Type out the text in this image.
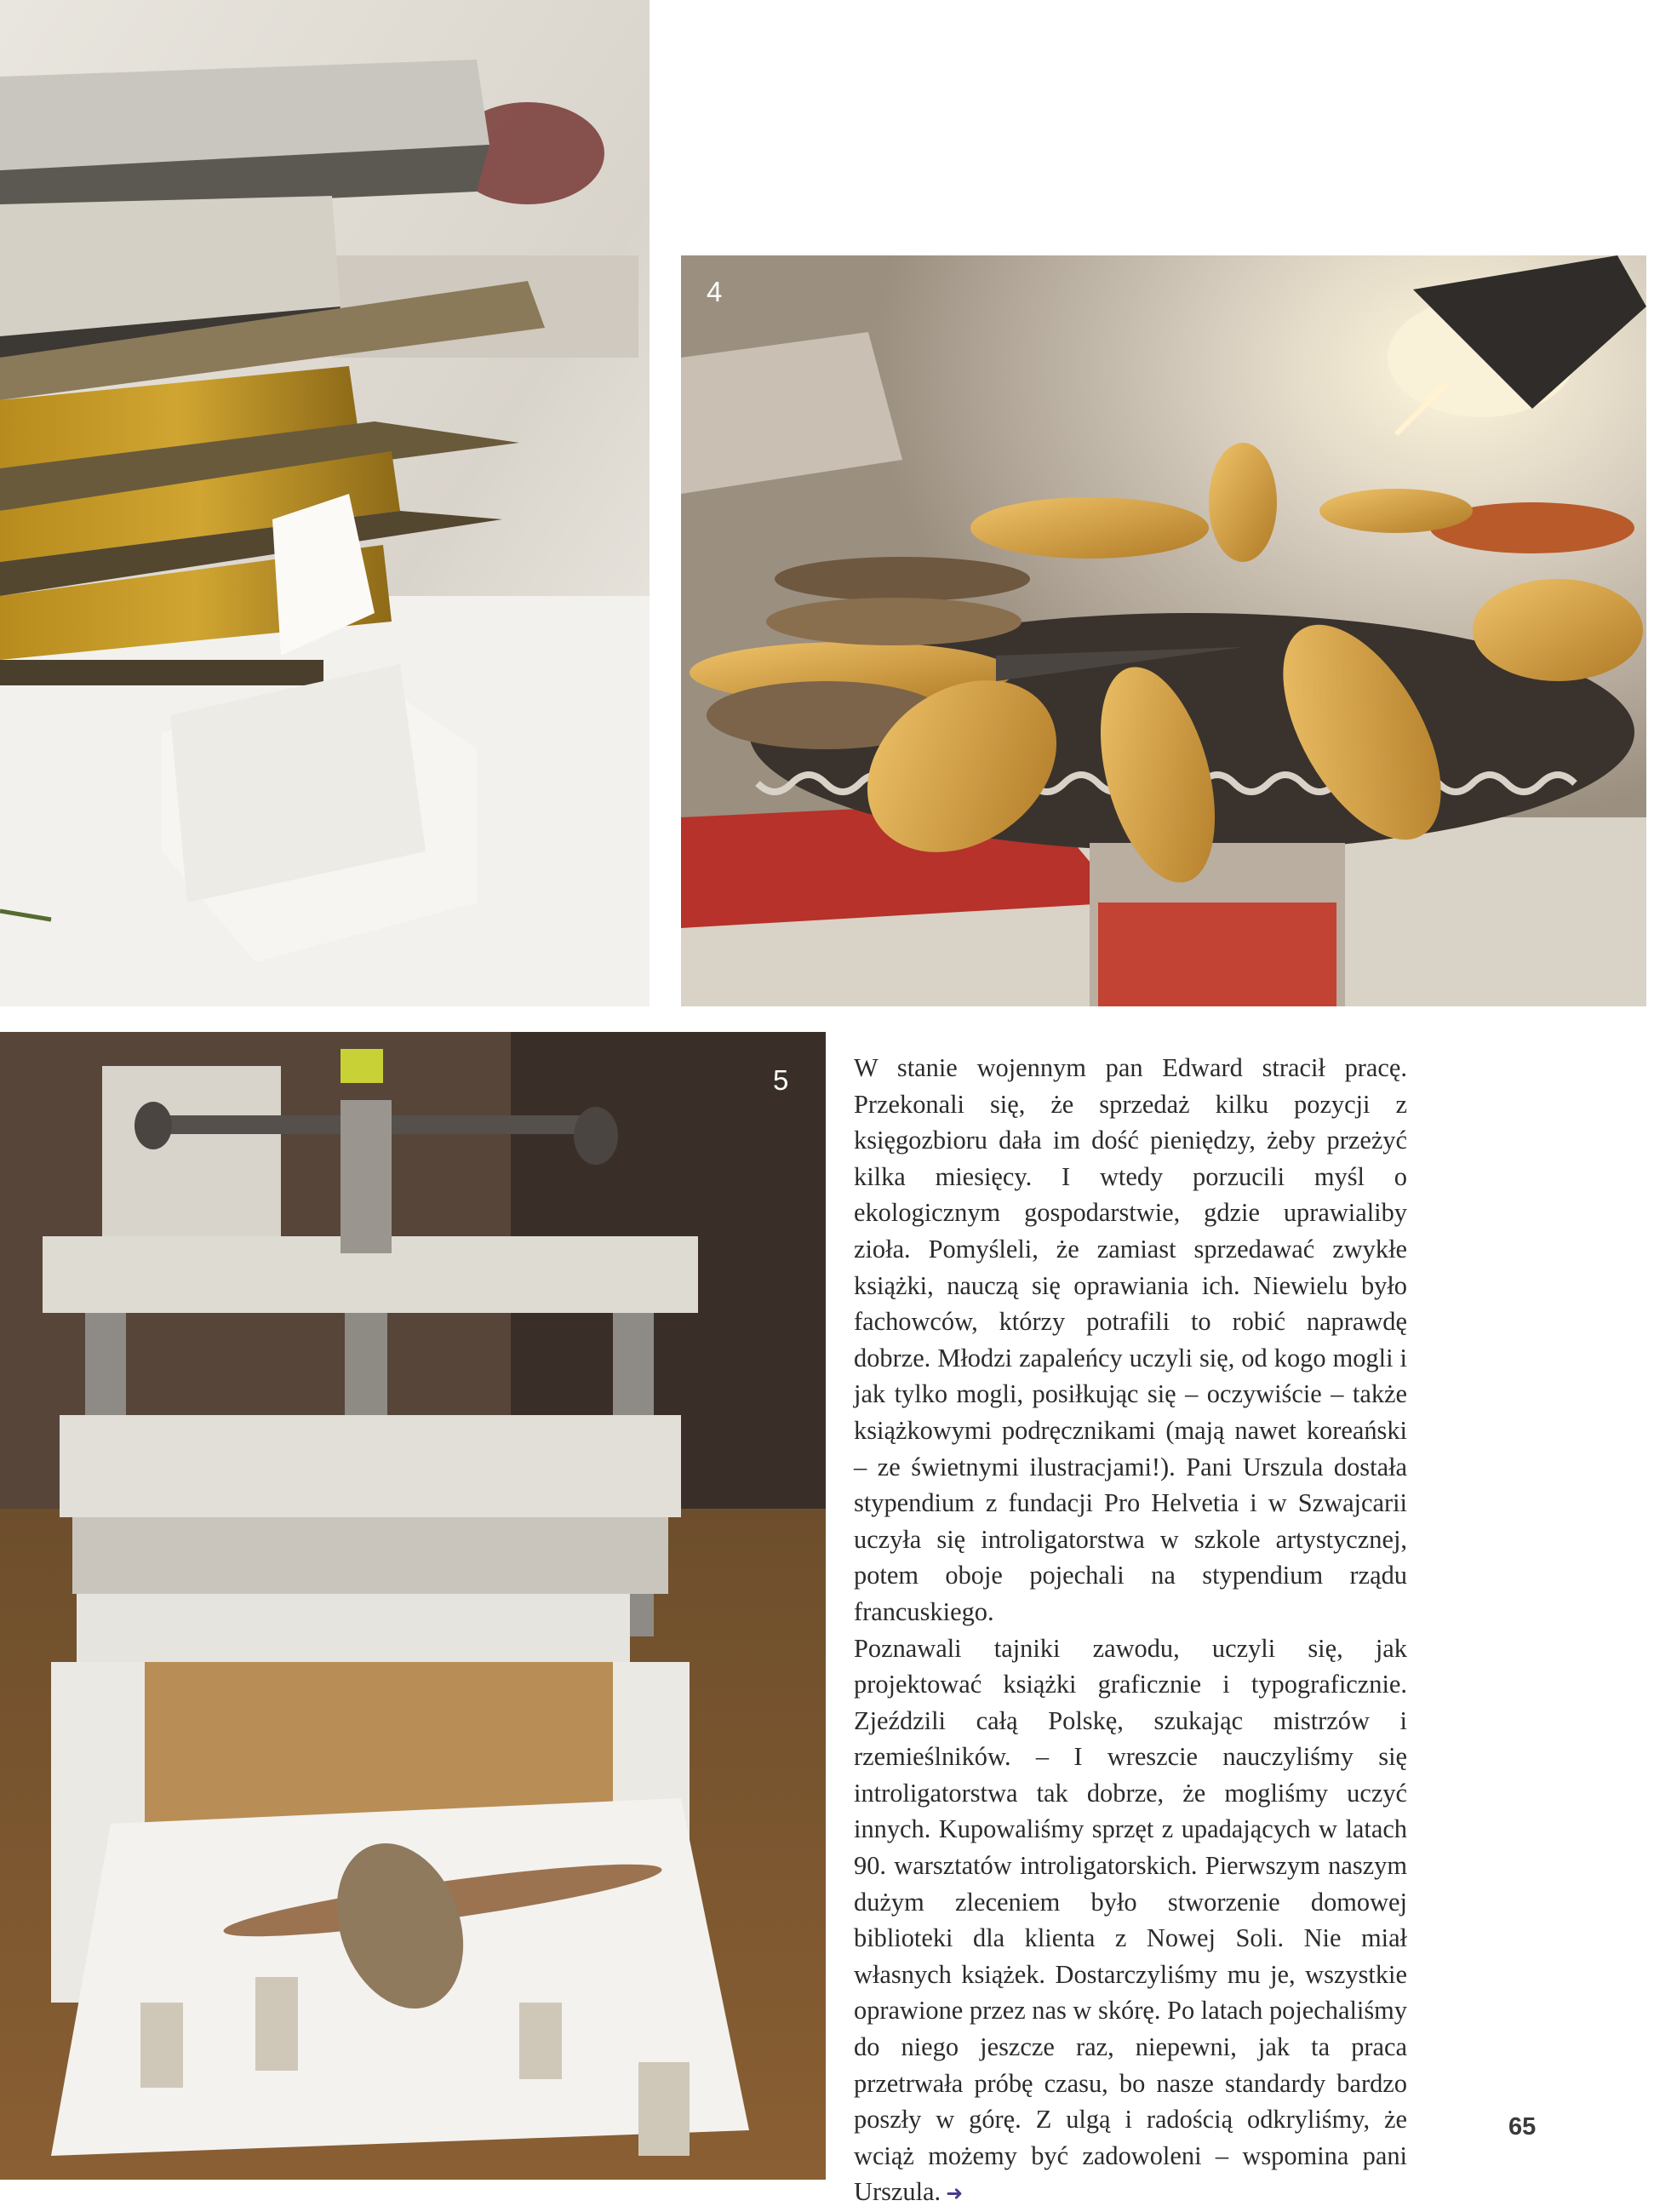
4
5	W stanie wojennym pan Edward stracił pracę. Przekonali się, że sprzedaż kilku pozycji z księgozbioru dała im dość pieniędzy, żeby przeżyć kilka miesięcy. I wtedy porzucili myśl o ekologicznym gospodarstwie, gdzie uprawialiby zioła. Pomyśleli, że zamiast sprzedawać zwykłe książki, nauczą się oprawiania ich. Niewielu było fachowców, którzy potrafili to robić naprawdę dobrze. Młodzi zapaleńcy uczyli się, od kogo mogli i jak tylko mogli, posiłkując się – oczywiście – także książkowymi podręcznikami (mają nawet koreański – ze świetnymi ilustracjami!). Pani Urszula dostała stypendium z fundacji Pro Helvetia i w Szwajcarii uczyła się introligatorstwa w szkole artystycznej, potem oboje pojechali na stypendium rządu francuskiego.

Poznawali tajniki zawodu, uczyli się, jak projektować książki graficznie i typograficznie. Zjeździli całą Polskę, szukając mistrzów i rzemieślników. – I wreszcie nauczyliśmy się introligatorstwa tak dobrze, że mogliśmy uczyć innych. Kupowaliśmy sprzęt z upadających w latach 90. warsztatów introligatorskich. Pierwszym naszym dużym zleceniem było stworzenie domowej biblioteki dla klienta z Nowej Soli. Nie miał własnych książek. Dostarczyliśmy mu je, wszystkie oprawione przez nas w skórę. Po latach pojechaliśmy do niego jeszcze raz, niepewni, jak ta praca przetrwała próbę czasu, bo nasze standardy bardzo poszły w górę. Z ulgą i radością odkryliśmy, że wciąż możemy być zadowoleni – wspomina pani Urszula. ➜

65
